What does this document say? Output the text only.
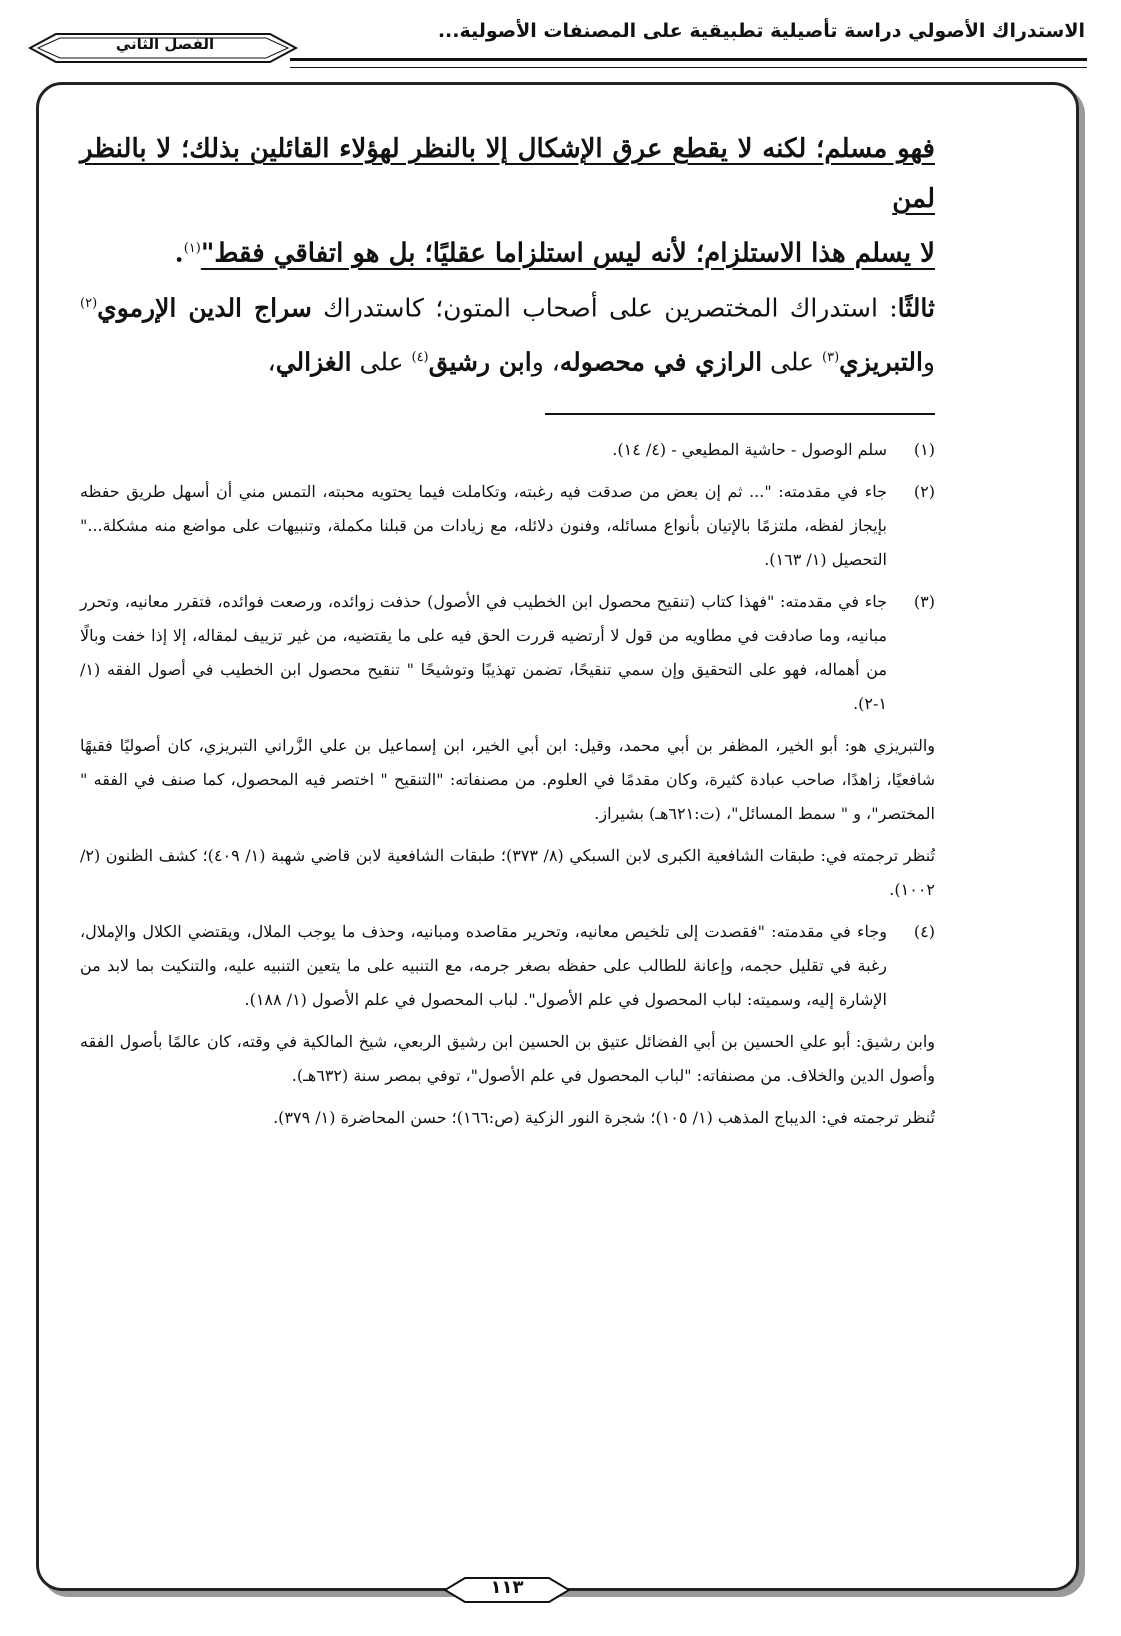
الاستدراك الأصولي دراسة تأصيلية تطبيقية على المصنفات الأصولية...
الفصل الثاني

فهو مسلم؛ لكنه لا يقطع عرق الإشكال إلا بالنظر لهؤلاء القائلين بذلك؛ لا بالنظر لمن
لا يسلم هذا الاستلزام؛ لأنه ليس استلزاما عقليًا؛ بل هو اتفاقي فقط"$^{(١)}$.

ثالثًا: استدراك المختصرين على أصحاب المتون؛ كاستدراك سراج الدين الإرموي$^{(٢)}$ والتبريزي$^{(٣)}$ على الرازي في محصوله، وابن رشيق$^{(٤)}$ على الغزالي،

(١)
سلم الوصول - حاشية المطيعي - (٤/ ١٤).
(٢)
جاء في مقدمته: "... ثم إن بعض من صدقت فيه رغبته، وتكاملت فيما يحتويه محبته، التمس مني أن أسهل طريق حفظه بإيجاز لفظه، ملتزمًا بالإتيان بأنواع مسائله، وفنون دلائله، مع زيادات من قبلنا مكملة، وتنبيهات على مواضع منه مشكلة..." التحصيل (١/ ١٦٣).
(٣)
جاء في مقدمته: "فهذا كتاب (تنقيح محصول ابن الخطيب في الأصول) حذفت زوائده، ورصعت فوائده، فتقرر معانيه، وتحرر مبانيه، وما صادفت في مطاويه من قول لا أرتضيه قررت الحق فيه على ما يقتضيه، من غير تزييف لمقاله، إلا إذا خفت وبالًا من أهماله، فهو على التحقيق وإن سمي تنقيحًا، تضمن تهذيبًا وتوشيحًا " تنقيح محصول ابن الخطيب في أصول الفقه (١/ ١-٢).

والتبريزي هو: أبو الخير، المظفر بن أبي محمد، وقيل: ابن أبي الخير، ابن إسماعيل بن علي الزَّراني التبريزي، كان أصوليًا فقيهًا شافعيًا، زاهدًا، صاحب عبادة كثيرة، وكان مقدمًا في العلوم. من مصنفاته: "التنقيح " اختصر فيه المحصول، كما صنف في الفقه " المختصر"، و " سمط المسائل"، (ت:٦٢١هـ) بشيراز.

تُنظر ترجمته في: طبقات الشافعية الكبرى لابن السبكي (٨/ ٣٧٣)؛ طبقات الشافعية لابن قاضي شهبة (١/ ٤٠٩)؛ كشف الظنون (٢/ ١٠٠٢).

(٤)
وجاء في مقدمته: "فقصدت إلى تلخيص معانيه، وتحرير مقاصده ومبانيه، وحذف ما يوجب الملال، ويقتضي الكلال والإملال، رغبة في تقليل حجمه، وإعانة للطالب على حفظه بصغر جرمه، مع التنبيه على ما يتعين التنبيه عليه، والتنكيت بما لابد من الإشارة إليه، وسميته: لباب المحصول في علم الأصول". لباب المحصول في علم الأصول (١/ ١٨٨).

وابن رشيق: أبو علي الحسين بن أبي الفضائل عتيق بن الحسين ابن رشيق الربعي، شيخ المالكية في وقته، كان عالمًا بأصول الفقه وأصول الدين والخلاف. من مصنفاته: "لباب المحصول في علم الأصول"، توفي بمصر سنة (٦٣٢هـ).

تُنظر ترجمته في: الديباج المذهب (١/ ١٠٥)؛ شجرة النور الزكية (ص:١٦٦)؛ حسن المحاضرة (١/ ٣٧٩).

١١٣
